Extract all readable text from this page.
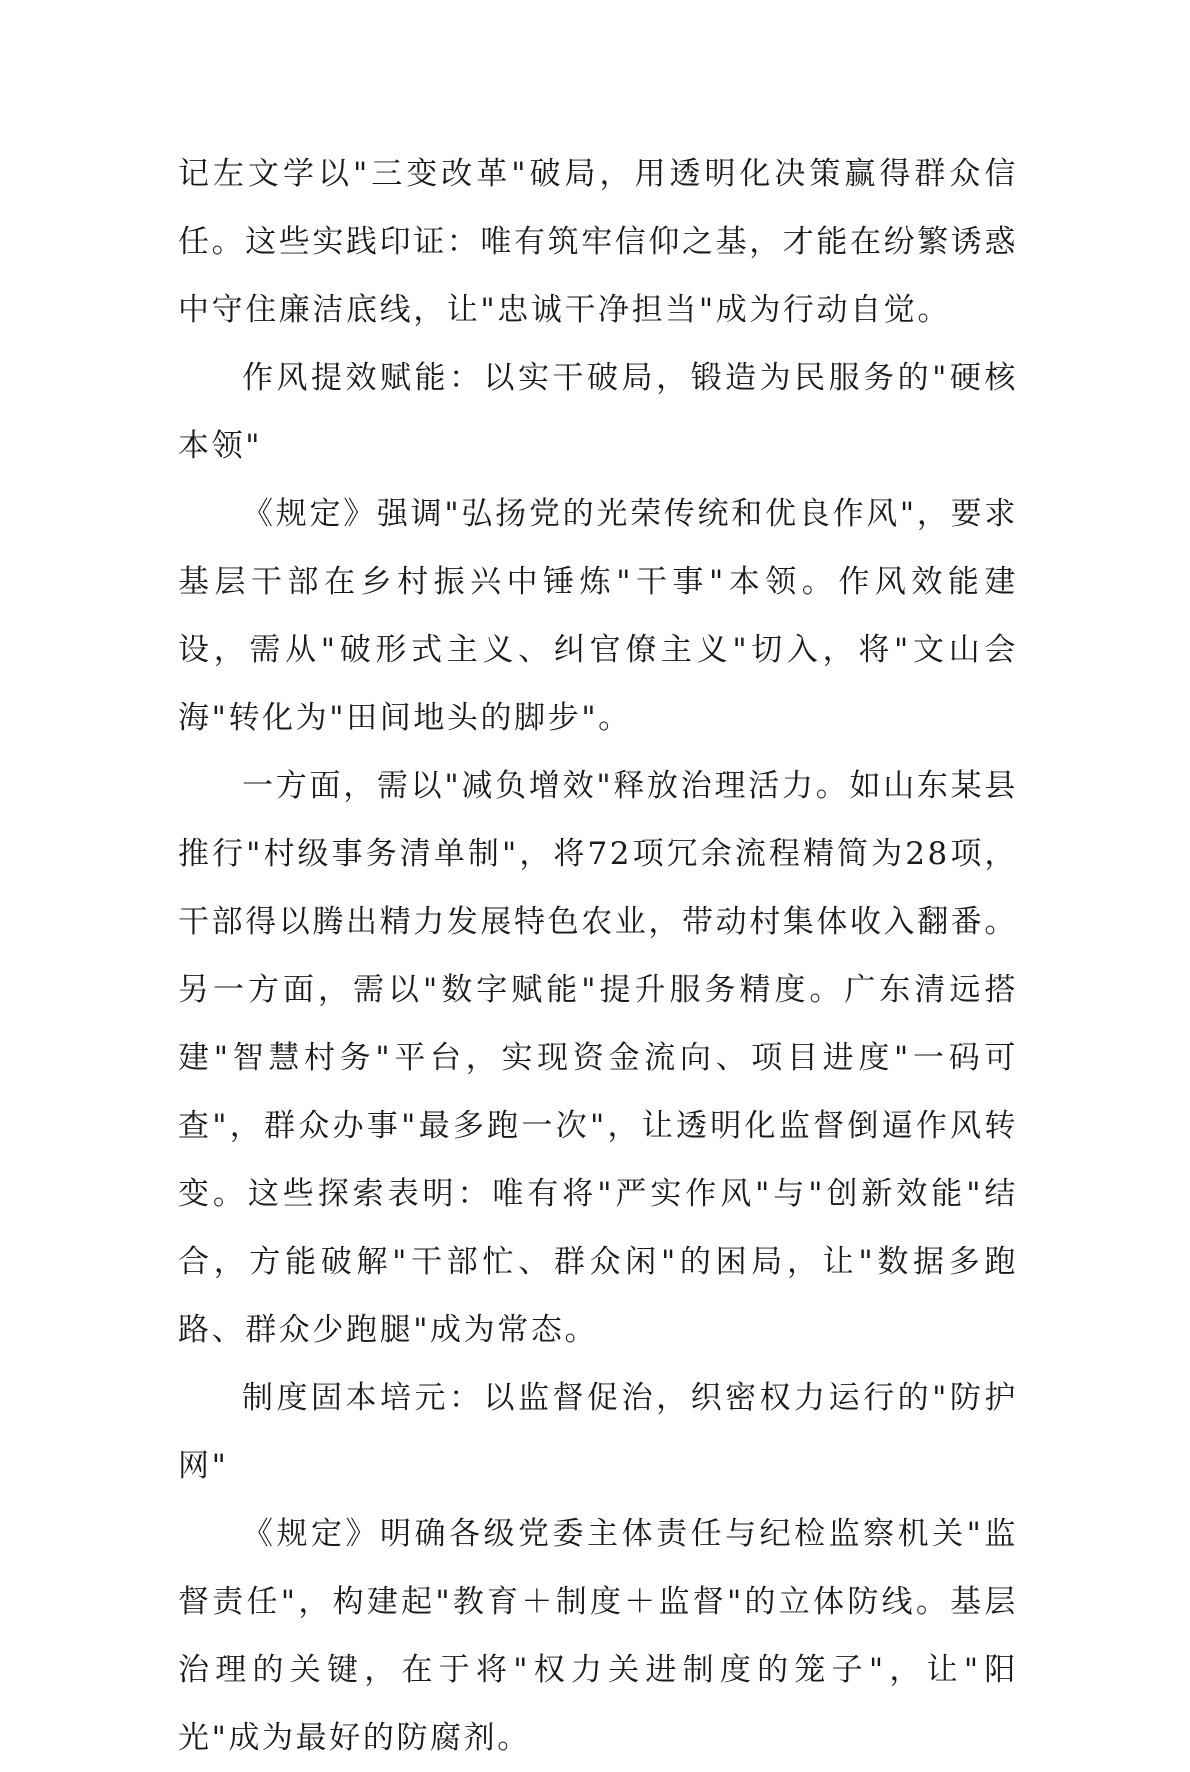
记左文学以"三变改革"破局，用透明化决策赢得群众信任。这些实践印证：唯有筑牢信仰之基，才能在纷繁诱惑中守住廉洁底线，让"忠诚干净担当"成为行动自觉。

作风提效赋能：以实干破局，锻造为民服务的"硬核本领"

《规定》强调"弘扬党的光荣传统和优良作风"，要求基层干部在乡村振兴中锤炼"干事"本领。作风效能建设，需从"破形式主义、纠官僚主义"切入，将"文山会海"转化为"田间地头的脚步"。

一方面，需以"减负增效"释放治理活力。如山东某县推行"村级事务清单制"，将72项冗余流程精简为28项，干部得以腾出精力发展特色农业，带动村集体收入翻番。另一方面，需以"数字赋能"提升服务精度。广东清远搭建"智慧村务"平台，实现资金流向、项目进度"一码可查"，群众办事"最多跑一次"，让透明化监督倒逼作风转变。这些探索表明：唯有将"严实作风"与"创新效能"结合，方能破解"干部忙、群众闲"的困局，让"数据多跑路、群众少跑腿"成为常态。

制度固本培元：以监督促治，织密权力运行的"防护网"

《规定》明确各级党委主体责任与纪检监察机关"监督责任"，构建起"教育＋制度＋监督"的立体防线。基层治理的关键，在于将"权力关进制度的笼子"，让"阳光"成为最好的防腐剂。
